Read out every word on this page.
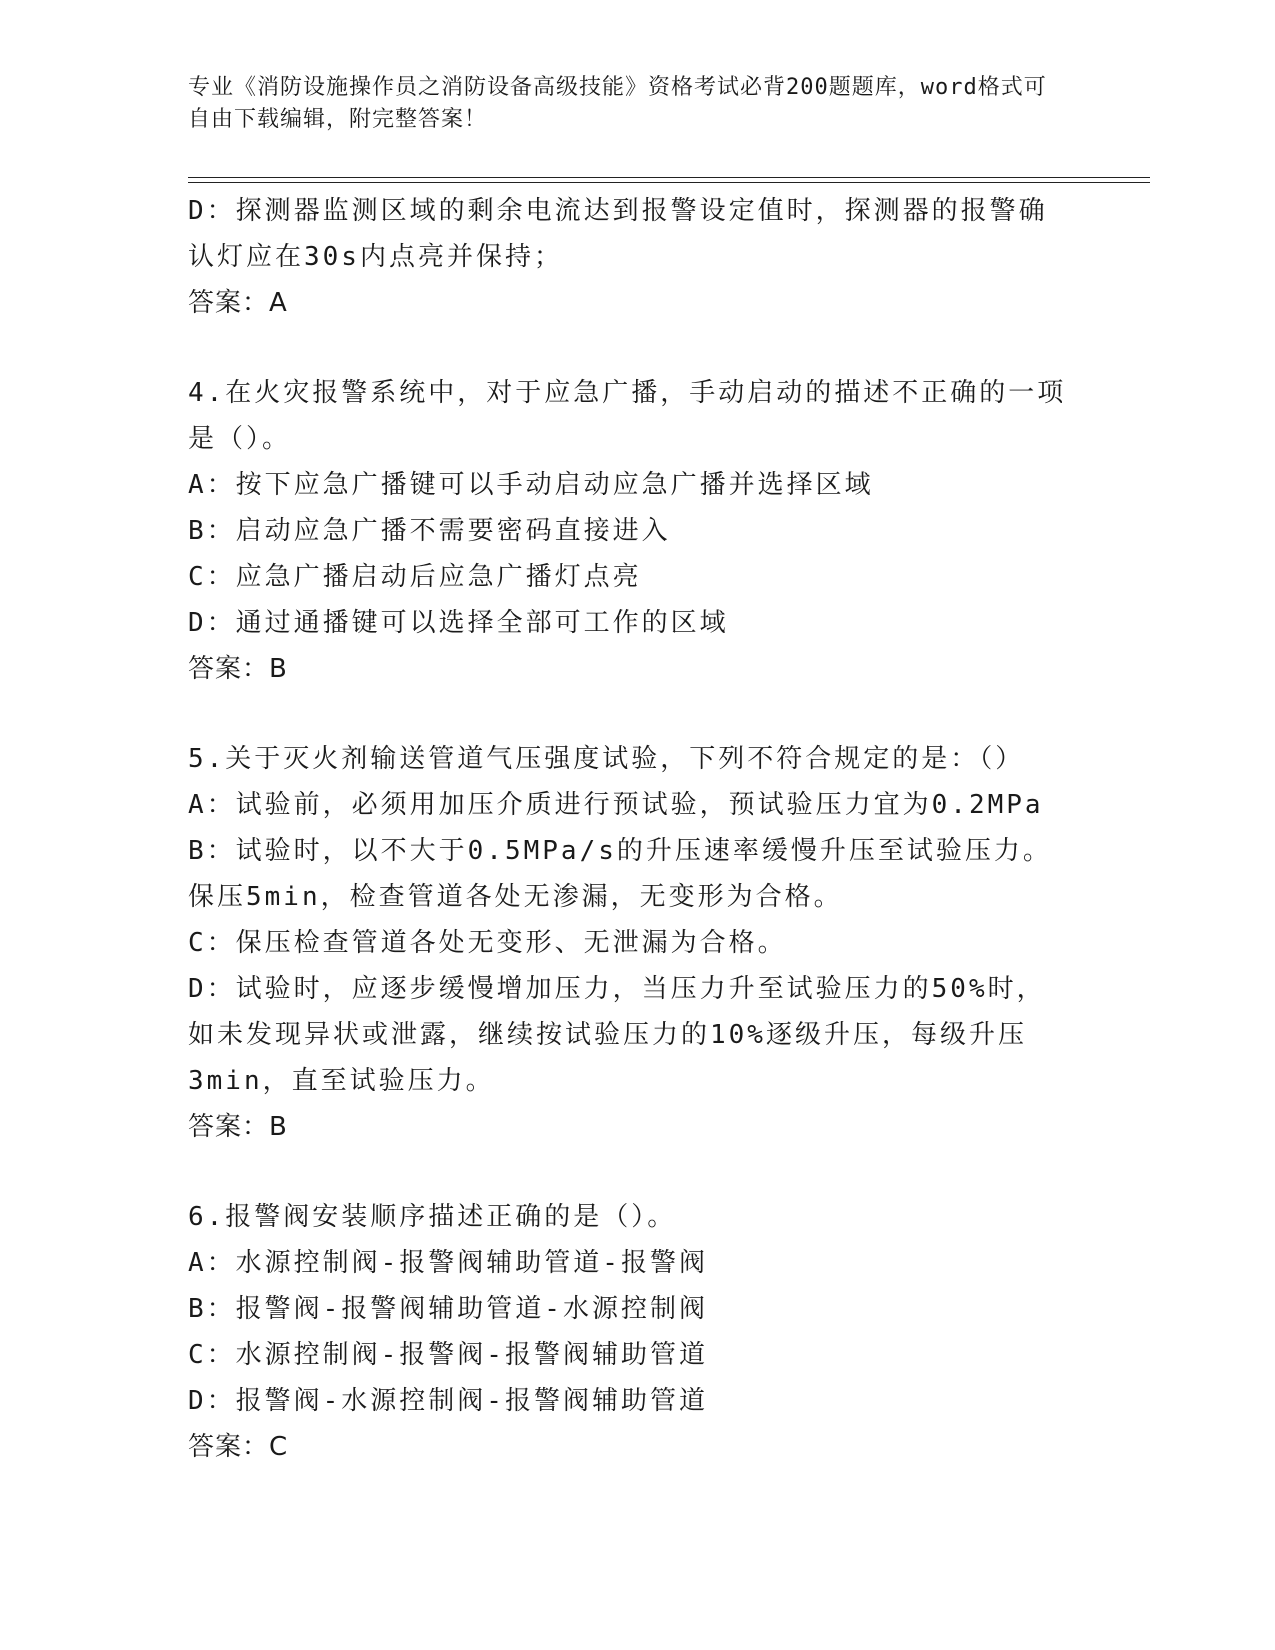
专业《消防设施操作员之消防设备高级技能》资格考试必背200题题库，word格式可自由下载编辑，附完整答案！

D：探测器监测区域的剩余电流达到报警设定值时，探测器的报警确认灯应在30s内点亮并保持；

答案：A

4.在火灾报警系统中，对于应急广播，手动启动的描述不正确的一项是（）。

A：按下应急广播键可以手动启动应急广播并选择区域

B：启动应急广播不需要密码直接进入

C：应急广播启动后应急广播灯点亮

D：通过通播键可以选择全部可工作的区域

答案：B

5.关于灭火剂输送管道气压强度试验，下列不符合规定的是：（）

A：试验前，必须用加压介质进行预试验，预试验压力宜为0.2MPa

B：试验时，以不大于0.5MPa/s的升压速率缓慢升压至试验压力。保压5min，检查管道各处无渗漏，无变形为合格。

C：保压检查管道各处无变形、无泄漏为合格。

D：试验时，应逐步缓慢增加压力，当压力升至试验压力的50%时，如未发现异状或泄露，继续按试验压力的10%逐级升压，每级升压3min，直至试验压力。

答案：B

6.报警阀安装顺序描述正确的是（）。

A：水源控制阀-报警阀辅助管道-报警阀

B：报警阀-报警阀辅助管道-水源控制阀

C：水源控制阀-报警阀-报警阀辅助管道

D：报警阀-水源控制阀-报警阀辅助管道

答案：C
